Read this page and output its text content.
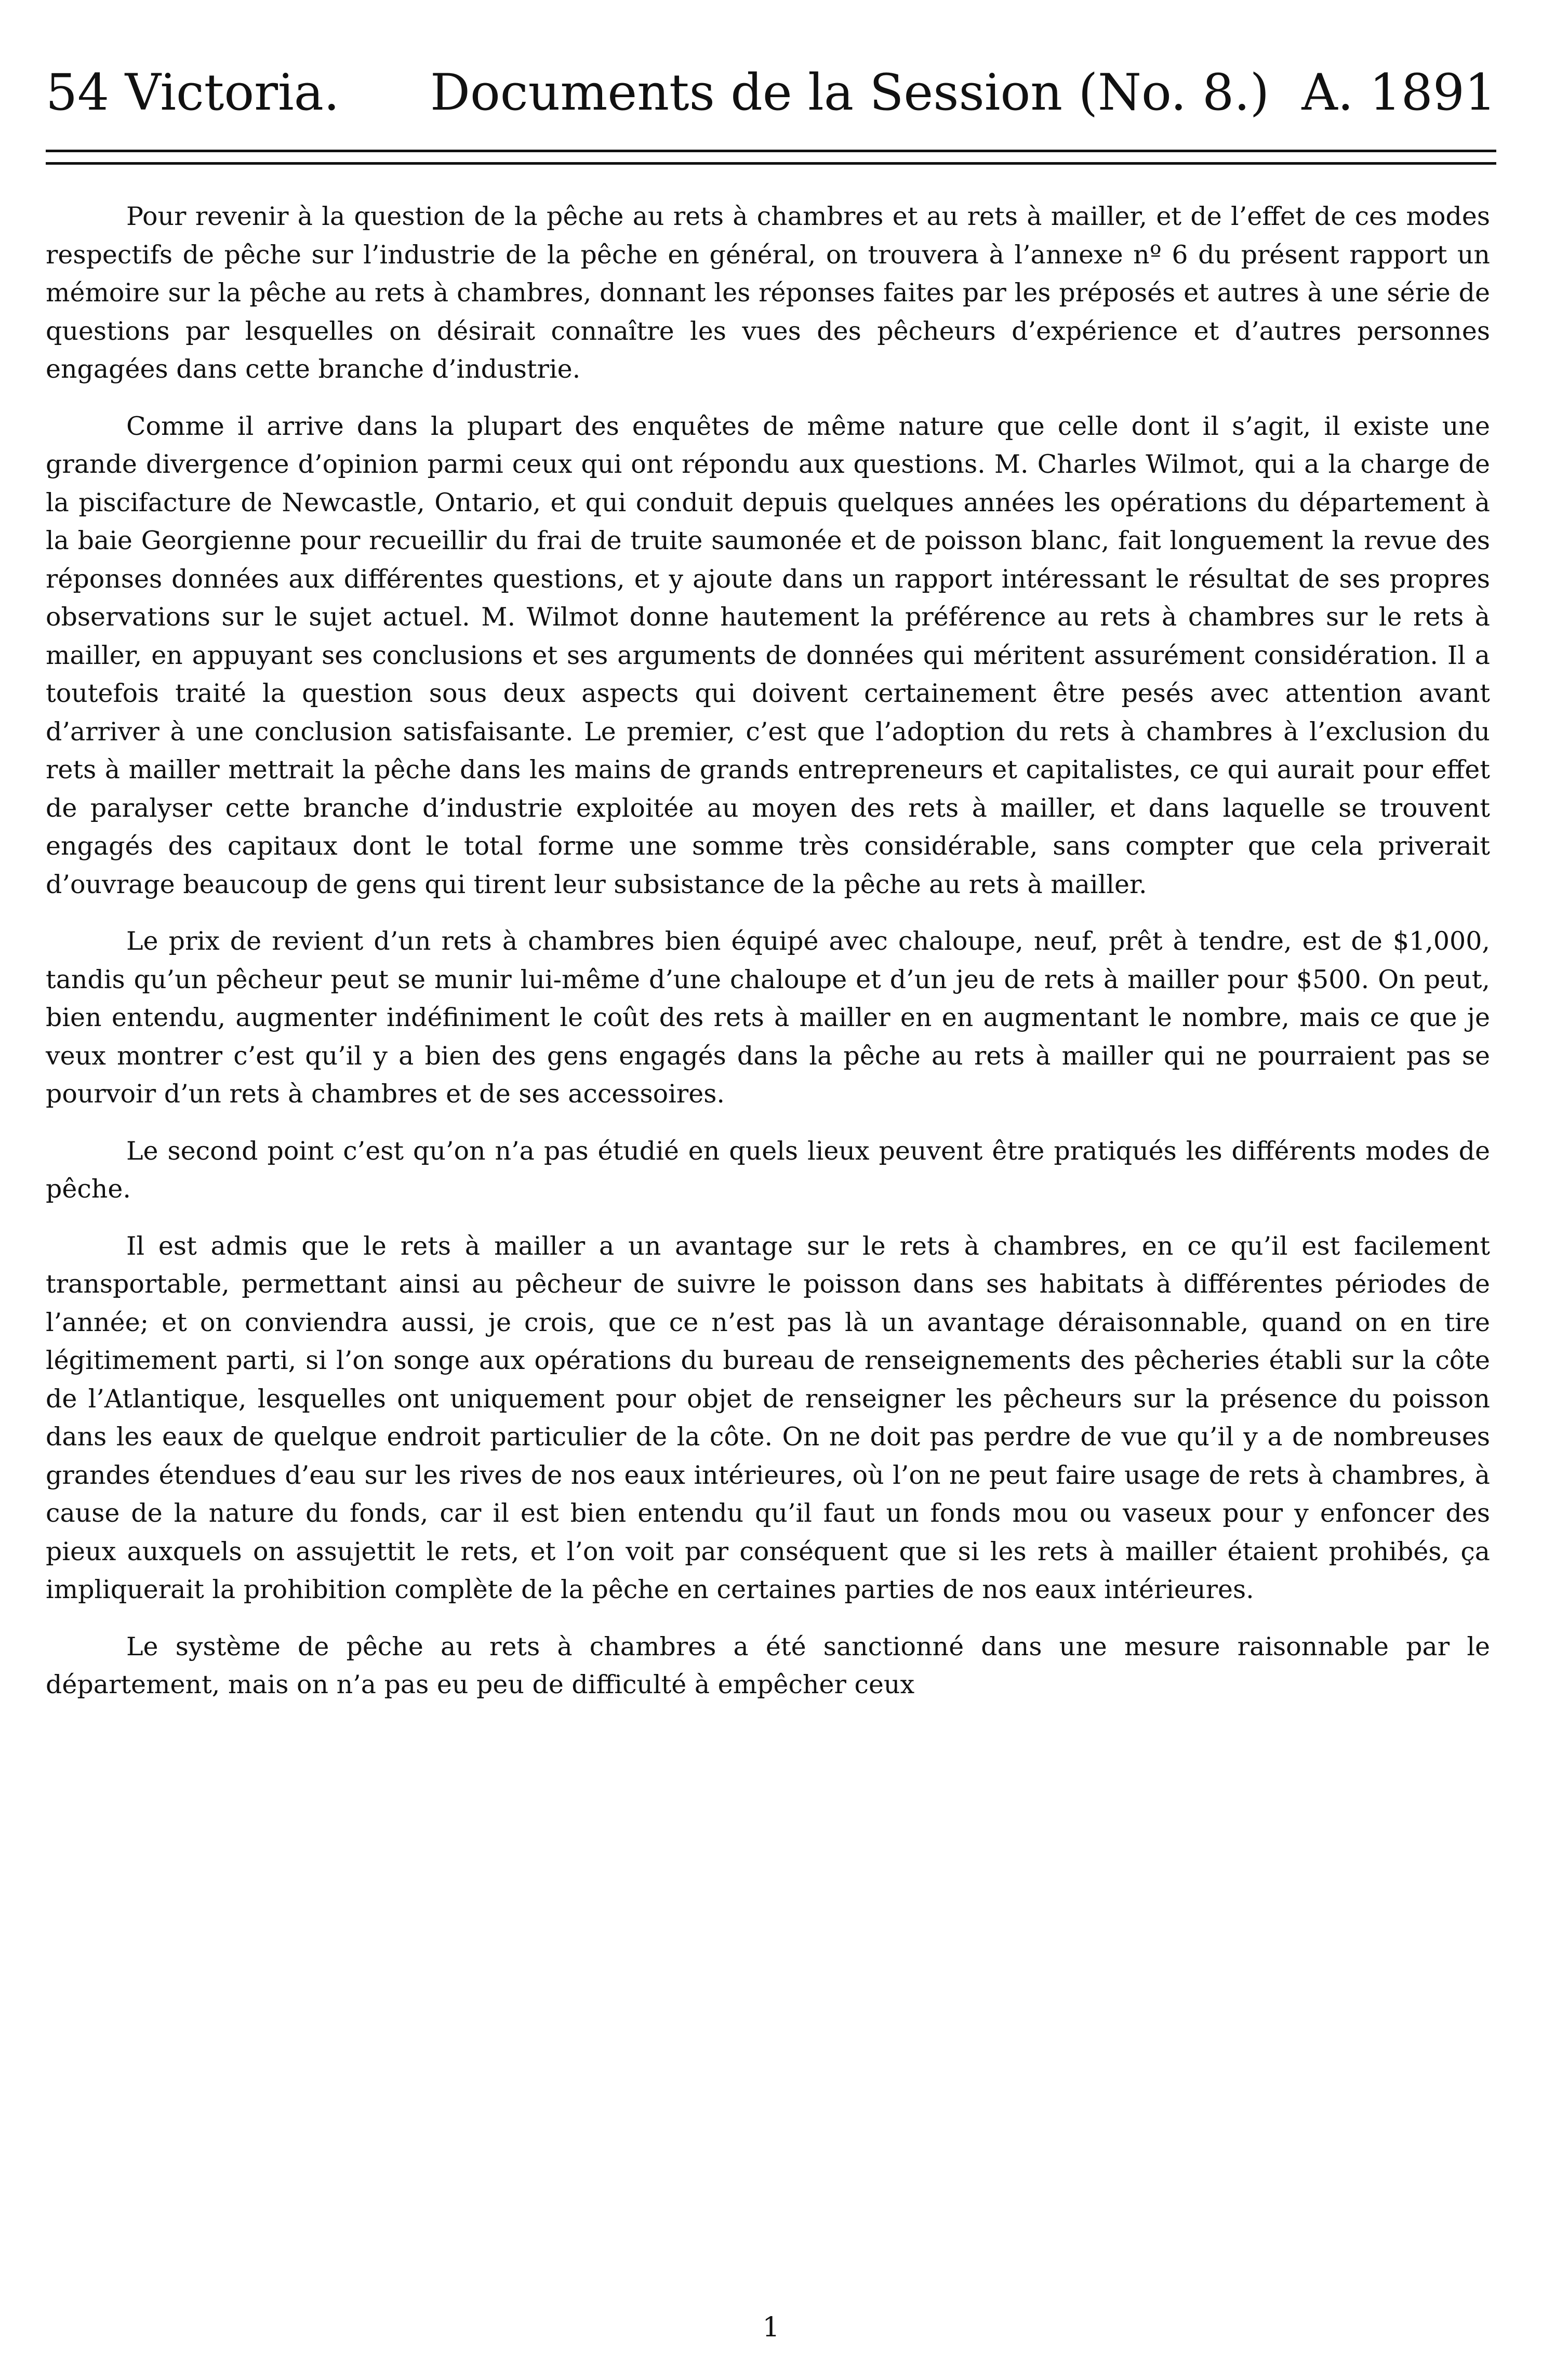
54 Victoria. Documents de la Session (No. 8.) A. 1891

Pour revenir à la question de la pêche au rets à chambres et au rets à mailler, et de l’effet de ces modes respectifs de pêche sur l’industrie de la pêche en général, on trouvera à l’annexe nº 6 du présent rapport un mémoire sur la pêche au rets à chambres, donnant les réponses faites par les préposés et autres à une série de questions par lesquelles on désirait connaître les vues des pêcheurs d’expérience et d’autres personnes engagées dans cette branche d’industrie.

Comme il arrive dans la plupart des enquêtes de même nature que celle dont il s’agit, il existe une grande divergence d’opinion parmi ceux qui ont répondu aux questions. M. Charles Wilmot, qui a la charge de la piscifacture de Newcastle, Ontario, et qui conduit depuis quelques années les opérations du département à la baie Georgienne pour recueillir du frai de truite saumonée et de poisson blanc, fait longuement la revue des réponses données aux différentes questions, et y ajoute dans un rapport intéressant le résultat de ses propres observations sur le sujet actuel. M. Wilmot donne hautement la préférence au rets à chambres sur le rets à mailler, en appuyant ses conclusions et ses arguments de données qui méritent assurément considération. Il a toutefois traité la question sous deux aspects qui doivent certainement être pesés avec attention avant d’arriver à une conclusion satisfaisante. Le premier, c’est que l’adoption du rets à chambres à l’exclusion du rets à mailler mettrait la pêche dans les mains de grands entrepreneurs et capitalistes, ce qui aurait pour effet de paralyser cette branche d’industrie exploitée au moyen des rets à mailler, et dans laquelle se trouvent engagés des capitaux dont le total forme une somme très considérable, sans compter que cela priverait d’ouvrage beaucoup de gens qui tirent leur subsistance de la pêche au rets à mailler.

Le prix de revient d’un rets à chambres bien équipé avec chaloupe, neuf, prêt à tendre, est de $1,000, tandis qu’un pêcheur peut se munir lui-même d’une chaloupe et d’un jeu de rets à mailler pour $500. On peut, bien entendu, augmenter indéfiniment le coût des rets à mailler en en augmentant le nombre, mais ce que je veux montrer c’est qu’il y a bien des gens engagés dans la pêche au rets à mailler qui ne pourraient pas se pourvoir d’un rets à chambres et de ses accessoires.

Le second point c’est qu’on n’a pas étudié en quels lieux peuvent être pratiqués les différents modes de pêche.

Il est admis que le rets à mailler a un avantage sur le rets à chambres, en ce qu’il est facilement transportable, permettant ainsi au pêcheur de suivre le poisson dans ses habitats à différentes périodes de l’année; et on conviendra aussi, je crois, que ce n’est pas là un avantage déraisonnable, quand on en tire légitimement parti, si l’on songe aux opérations du bureau de renseignements des pêcheries établi sur la côte de l’Atlantique, lesquelles ont uniquement pour objet de renseigner les pêcheurs sur la présence du poisson dans les eaux de quelque endroit particulier de la côte. On ne doit pas perdre de vue qu’il y a de nombreuses grandes étendues d’eau sur les rives de nos eaux intérieures, où l’on ne peut faire usage de rets à chambres, à cause de la nature du fonds, car il est bien entendu qu’il faut un fonds mou ou vaseux pour y enfoncer des pieux auxquels on assujettit le rets, et l’on voit par conséquent que si les rets à mailler étaient prohibés, ça impliquerait la prohibition complète de la pêche en certaines parties de nos eaux intérieures.

Le système de pêche au rets à chambres a été sanctionné dans une mesure raisonnable par le département, mais on n’a pas eu peu de difficulté à empêcher ceux

1
